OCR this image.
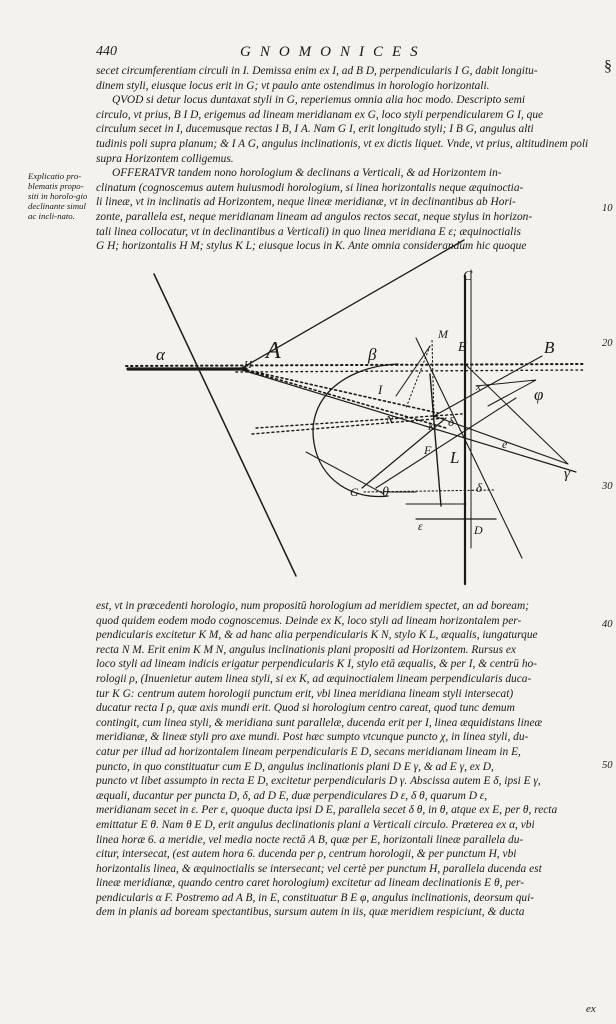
440	GNOMONICES
§
secet circumferentiam circuli in I. Demissa enim ex I, ad B D, perpendicularis I G, dabit longitu-
dinem styli, eiusque locus erit in G; vt paulo ante ostendimus in horologio horizontali.
QVOD si detur locus duntaxat styli in G, reperiemus omnia alia hoc modo. Descripto semi
circulo, vt prius, B I D, erigemus ad lineam meridianam ex G, loco styli perpendicularem G I, que
circulum secet in I, ducemusque rectas I B, I A. Nam G I, erit longitudo styli; I B G, angulus alti
tudinis poli supra planum; & I A G, angulus inclinationis, vt ex dictis liquet. Vnde, vt prius, altitudinem poli supra Horizontem colligemus.
OFFERATVR tandem nono horologium & declinans a Verticali, & ad Horizontem in-
clinatum (cognoscemus autem huiusmodi horologium, si linea horizontalis neque æquinoctia-
li lineæ, vt in inclinatis ad Horizontem, neque lineæ meridianæ, vt in declinantibus ab Hori-
zonte, parallela est, neque meridianam lineam ad angulos rectos secat, neque stylus in horizon-
tali linea collocatur, vt in declinantibus a Verticali) in quo linea meridiana E ε; æquinoctialis
G H; horizontalis H M; stylus K L; eiusque locus in K. Ante omnia considerandum hic quoque
Explicatio pro-blematis propo-siti in horolo-gio declinante simul ac incli-nato.
10
20
30
40
50
α	A	β	E	B
C
H
M
I	x
N
K δ
φ
F L
e
γ
δ
G θ
ε	D
est, vt in præcedenti horologio, num propositū horologium ad meridiem spectet, an ad boream;
quod quidem eodem modo cognoscemus. Deinde ex K, loco styli ad lineam horizontalem per-
pendicularis excitetur K M, & ad hanc alia perpendicularis K N, stylo K L, æqualis, iungaturque
recta N M. Erit enim K M N, angulus inclinationis plani propositi ad Horizontem. Rursus ex
loco styli ad lineam indicis erigatur perpendicularis K I, stylo etā æqualis, & per I, & centrū ho-
rologii ρ, (Inuenietur autem linea styli, si ex K, ad æquinoctialem lineam perpendicularis duca-
tur K G: centrum autem horologii punctum erit, vbi linea meridiana lineam styli intersecat)
ducatur recta I ρ, quæ axis mundi erit. Quod si horologium centro careat, quod tunc demum
contingit, cum linea styli, & meridiana sunt parallelæ, ducenda erit per I, linea æquidistans lineæ
meridianæ, & lineæ styli pro axe mundi. Post hæc sumpto vtcunque puncto χ, in linea styli, du-
catur per illud ad horizontalem lineam perpendicularis E D, secans meridianam lineam in E,
puncto, in quo constituatur cum E D, angulus inclinationis plani D E γ, & ad E γ, ex D,
puncto vt libet assumpto in recta E D, excitetur perpendicularis D γ. Abscissa autem E δ, ipsi E γ,
æquali, ducantur per puncta D, δ, ad D E, duæ perpendiculares D ε, δ θ, quarum D ε,
meridianam secet in ε. Per ε, quoque ducta ipsi D E, parallela secet δ θ, in θ, atque ex E, per θ, recta
emittatur E θ. Nam θ E D, erit angulus declinationis plani a Verticali circulo. Præterea ex α, vbi
linea horæ 6. a meridie, vel media nocte rectā A B, quæ per E, horizontali lineæ parallela du-
citur, intersecat, (est autem hora 6. ducenda per ρ, centrum horologii, & per punctum H, vbi
horizontalis linea, & æquinoctialis se intersecant; vel certè per punctum H, parallela ducenda est
lineæ meridianæ, quando centro caret horologium) excitetur ad lineam declinationis E θ, per-
pendicularis α F. Postremo ad A B, in E, constituatur B E φ, angulus inclinationis, deorsum qui-
dem in planis ad boream spectantibus, sursum autem in iis, quæ meridiem respiciunt, & ducta
ex
